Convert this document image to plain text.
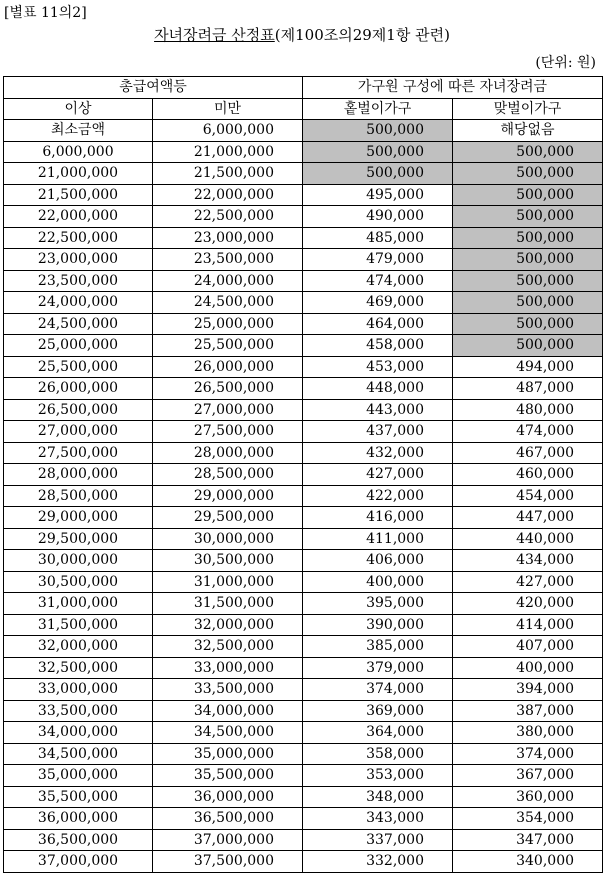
[별표 11의2]
자녀장려금 산정표(제100조의29제1항 관련)
(단위: 원)
총급여액등		가구원 구성에 따른 자녀장려금	
이상	미만	홑벌이가구	맞벌이가구
최소금액	6,000,000	500,000	해당없음
6,000,000	21,000,000	500,000	500,000
21,000,000	21,500,000	500,000	500,000
21,500,000	22,000,000	495,000	500,000
22,000,000	22,500,000	490,000	500,000
22,500,000	23,000,000	485,000	500,000
23,000,000	23,500,000	479,000	500,000
23,500,000	24,000,000	474,000	500,000
24,000,000	24,500,000	469,000	500,000
24,500,000	25,000,000	464,000	500,000
25,000,000	25,500,000	458,000	500,000
25,500,000	26,000,000	453,000	494,000
26,000,000	26,500,000	448,000	487,000
26,500,000	27,000,000	443,000	480,000
27,000,000	27,500,000	437,000	474,000
27,500,000	28,000,000	432,000	467,000
28,000,000	28,500,000	427,000	460,000
28,500,000	29,000,000	422,000	454,000
29,000,000	29,500,000	416,000	447,000
29,500,000	30,000,000	411,000	440,000
30,000,000	30,500,000	406,000	434,000
30,500,000	31,000,000	400,000	427,000
31,000,000	31,500,000	395,000	420,000
31,500,000	32,000,000	390,000	414,000
32,000,000	32,500,000	385,000	407,000
32,500,000	33,000,000	379,000	400,000
33,000,000	33,500,000	374,000	394,000
33,500,000	34,000,000	369,000	387,000
34,000,000	34,500,000	364,000	380,000
34,500,000	35,000,000	358,000	374,000
35,000,000	35,500,000	353,000	367,000
35,500,000	36,000,000	348,000	360,000
36,000,000	36,500,000	343,000	354,000
36,500,000	37,000,000	337,000	347,000
37,000,000	37,500,000	332,000	340,000
